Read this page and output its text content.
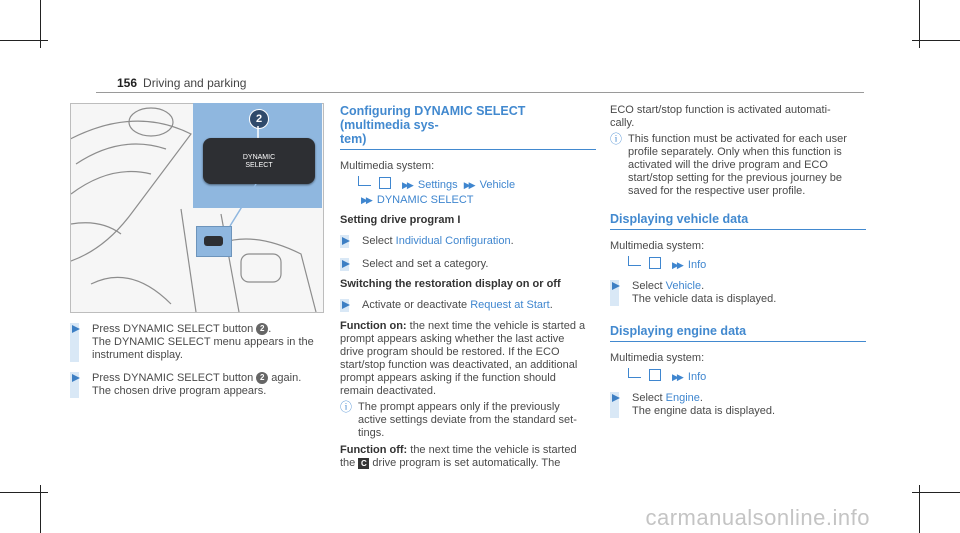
156 Driving and parking
2
DYNAMIC
SELECT
Press DYNAMIC SELECT button 2 .
The DYNAMIC SELECT menu appears in the
instrument display.
Press DYNAMIC SELECT button 2 again.
The chosen drive program appears.
Configuring DYNAMIC SELECT (multimedia sys-
tem)
Multimedia system:
▶▶ Settings ▶▶ Vehicle
▶▶ DYNAMIC SELECT
Setting drive program I
Select Individual Configuration.
Select and set a category.
Switching the restoration display on or off
Activate or deactivate Request at Start.
Function on: the next time the vehicle is started a
prompt appears asking whether the last active
drive program should be restored. If the ECO
start/stop function was deactivated, an additional
prompt appears asking if the function should
remain deactivated.
ⓘ The prompt appears only if the previously
active settings deviate from the standard set-
tings.
Function off: the next time the vehicle is started
the C drive program is set automatically. The
ECO start/stop function is activated automati-
cally.
ⓘ This function must be activated for each user
profile separately. Only when this function is
activated will the drive program and ECO
start/stop setting for the previous journey be
saved for the respective user profile.
Displaying vehicle data
Multimedia system:
▶▶ Info
Select Vehicle.
The vehicle data is displayed.
Displaying engine data
Multimedia system:
▶▶ Info
Select Engine.
The engine data is displayed.
carmanualsonline.info
